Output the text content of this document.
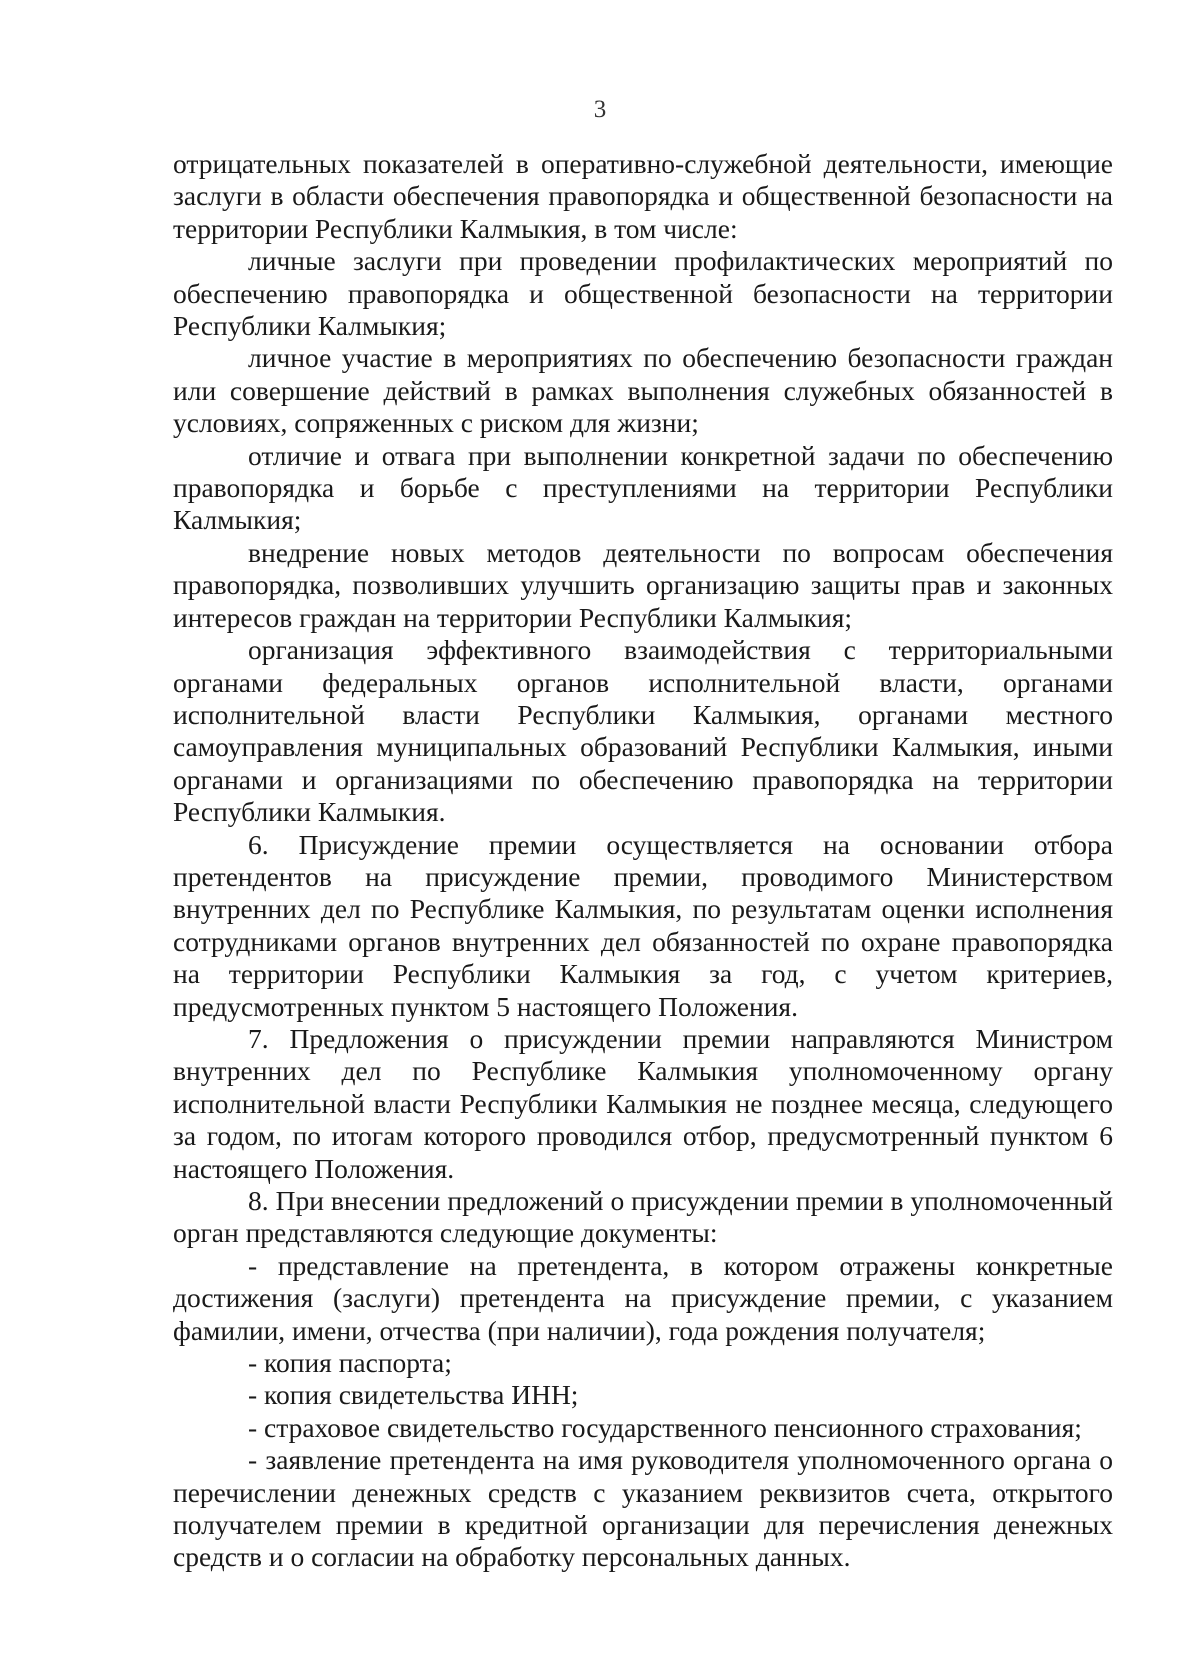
3

отрицательных показателей в оперативно-служебной деятельности, имеющие заслуги в области обеспечения правопорядка и общественной безопасности на территории Республики Калмыкия, в том числе:

личные заслуги при проведении профилактических мероприятий по обеспечению правопорядка и общественной безопасности на территории Республики Калмыкия;

личное участие в мероприятиях по обеспечению безопасности граждан или совершение действий в рамках выполнения служебных обязанностей в условиях, сопряженных с риском для жизни;

отличие и отвага при выполнении конкретной задачи по обеспечению правопорядка и борьбе с преступлениями на территории Республики Калмыкия;

внедрение новых методов деятельности по вопросам обеспечения правопорядка, позволивших улучшить организацию защиты прав и законных интересов граждан на территории Республики Калмыкия;

организация эффективного взаимодействия с территориальными органами федеральных органов исполнительной власти, органами исполнительной власти Республики Калмыкия, органами местного самоуправления муниципальных образований Республики Калмыкия, иными органами и организациями по обеспечению правопорядка на территории Республики Калмыкия.

6. Присуждение премии осуществляется на основании отбора претендентов на присуждение премии, проводимого Министерством внутренних дел по Республике Калмыкия, по результатам оценки исполнения сотрудниками органов внутренних дел обязанностей по охране правопорядка на территории Республики Калмыкия за год, с учетом критериев, предусмотренных пунктом 5 настоящего Положения.

7. Предложения о присуждении премии направляются Министром внутренних дел по Республике Калмыкия уполномоченному органу исполнительной власти Республики Калмыкия не позднее месяца, следующего за годом, по итогам которого проводился отбор, предусмотренный пунктом 6 настоящего Положения.

8. При внесении предложений о присуждении премии в уполномоченный орган представляются следующие документы:

- представление на претендента, в котором отражены конкретные достижения (заслуги) претендента на присуждение премии, с указанием фамилии, имени, отчества (при наличии), года рождения получателя;

- копия паспорта;

- копия свидетельства ИНН;

- страховое свидетельство государственного пенсионного страхования;

- заявление претендента на имя руководителя уполномоченного органа о перечислении денежных средств с указанием реквизитов счета, открытого получателем премии в кредитной организации для перечисления денежных средств и о согласии на обработку персональных данных.
